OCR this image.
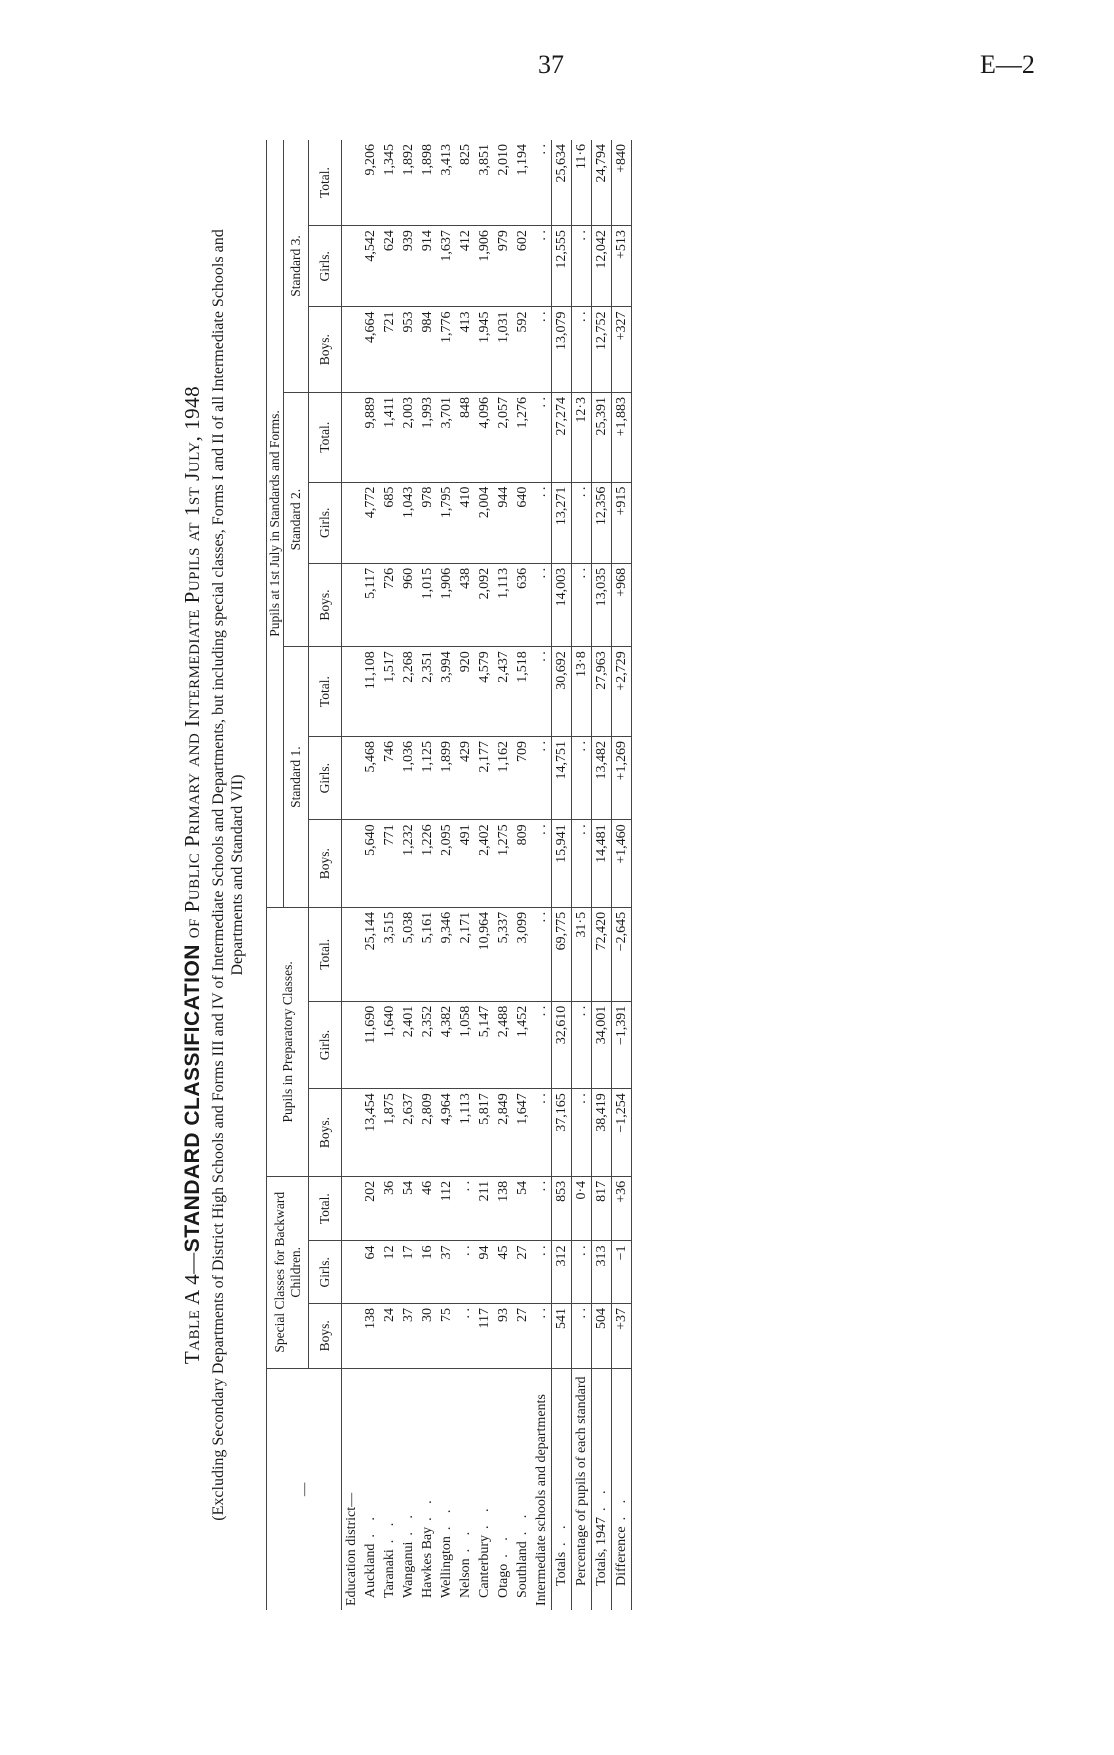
37	E—2

Table A 4—STANDARD CLASSIFICATION of Public Primary and Intermediate Pupils at 1st July, 1948 (Excluding Secondary Departments of District High Schools and Forms III and IV of Intermediate Schools and Departments, but including special classes, Forms I and II of all Intermediate Schools and Departments and Standard VII)

—	Special Classes for Backward Children.			Pupils in Preparatory Classes.			Pupils at 1st July in Standards and Forms.								
							Standard 1.			Standard 2.			Standard 3.		
	Boys.	Girls.	Total.	Boys.	Girls.	Total.	Boys.	Girls.	Total.	Boys.	Girls.	Total.	Boys.	Girls.	Total.
Education district—															
Auckland. .	138	64	202	13,454	11,690	25,144	5,640	5,468	11,108	5,117	4,772	9,889	4,664	4,542	9,206
Taranaki. .	24	12	36	1,875	1,640	3,515	771	746	1,517	726	685	1,411	721	624	1,345
Wanganui. .	37	17	54	2,637	2,401	5,038	1,232	1,036	2,268	960	1,043	2,003	953	939	1,892
Hawkes Bay. .	30	16	46	2,809	2,352	5,161	1,226	1,125	2,351	1,015	978	1,993	984	914	1,898
Wellington. .	75	37	112	4,964	4,382	9,346	2,095	1,899	3,994	1,906	1,795	3,701	1,776	1,637	3,413
Nelson. .	. .	. .	. .	1,113	1,058	2,171	491	429	920	438	410	848	413	412	825
Canterbury. .	117	94	211	5,817	5,147	10,964	2,402	2,177	4,579	2,092	2,004	4,096	1,945	1,906	3,851
Otago. .	93	45	138	2,849	2,488	5,337	1,275	1,162	2,437	1,113	944	2,057	1,031	979	2,010
Southland. .	27	27	54	1,647	1,452	3,099	809	709	1,518	636	640	1,276	592	602	1,194
Intermediate schools and departments	. .	. .	. .	. .	. .	. .	. .	. .	. .	. .	. .	. .	. .	. .	. .
Totals. .	541	312	853	37,165	32,610	69,775	15,941	14,751	30,692	14,003	13,271	27,274	13,079	12,555	25,634
Percentage of pupils of each standard	. .	. .	0·4	. .	. .	31·5	. .	. .	13·8	. .	. .	12·3	. .	. .	11·6
Totals, 1947. .	504	313	817	38,419	34,001	72,420	14,481	13,482	27,963	13,035	12,356	25,391	12,752	12,042	24,794
Difference. .	+37	−1	+36	−1,254	−1,391	−2,645	+1,460	+1,269	+2,729	+968	+915	+1,883	+327	+513	+840
